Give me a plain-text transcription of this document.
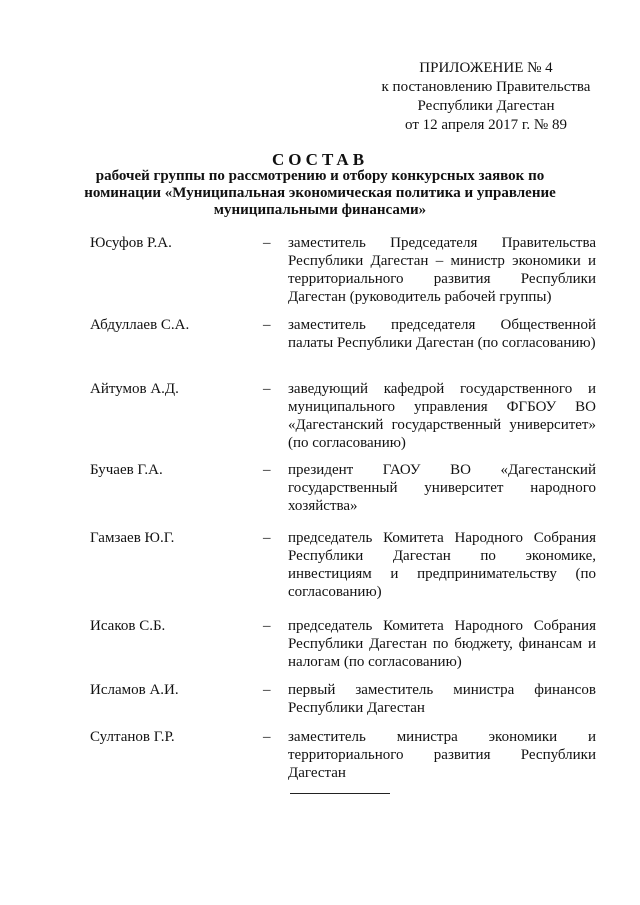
ПРИЛОЖЕНИЕ № 4
к постановлению Правительства
Республики Дагестан
от 12 апреля 2017 г. № 89
СОСТАВ
рабочей группы по рассмотрению и отбору конкурсных заявок по номинации «Муниципальная экономическая политика и управление муниципальными финансами»
Юсуфов Р.А.	– заместитель Председателя Правительства Республики Дагестан – министр экономики и территориального развития Республики Дагестан (руководитель рабочей группы)
Абдуллаев С.А.	– заместитель председателя Общественной палаты Республики Дагестан (по согласованию)
Айтумов А.Д.	– заведующий кафедрой государственного и муниципального управления ФГБОУ ВО «Дагестанский государственный университет» (по согласованию)
Бучаев Г.А.	– президент ГАОУ ВО «Дагестанский государственный университет народного хозяйства»
Гамзаев Ю.Г.	– председатель Комитета Народного Собрания Республики Дагестан по экономике, инвестициям и предпринимательству (по согласованию)
Исаков С.Б.	– председатель Комитета Народного Собрания Республики Дагестан по бюджету, финансам и налогам (по согласованию)
Исламов А.И.	– первый заместитель министра финансов Республики Дагестан
Султанов Г.Р.	– заместитель министра экономики и территориального развития Республики Дагестан
